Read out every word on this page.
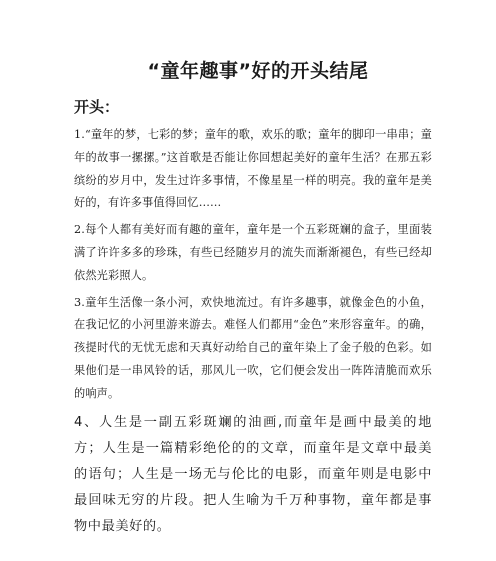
“童年趣事”好的开头结尾
开头：

1.“童年的梦，七彩的梦；童年的歌，欢乐的歌；童年的脚印一串串；童年的故事一摞摞。”这首歌是否能让你回想起美好的童年生活？在那五彩缤纷的岁月中，发生过许多事情，不像星星一样的明亮。我的童年是美好的，有许多事值得回忆……

2.每个人都有美好而有趣的童年，童年是一个五彩斑斓的盒子，里面装满了许许多多的珍珠，有些已经随岁月的流失而渐渐褪色，有些已经却依然光彩照人。

3.童年生活像一条小河，欢快地流过。有许多趣事，就像金色的小鱼，在我记忆的小河里游来游去。难怪人们都用“金色”来形容童年。的确，孩提时代的无忧无虑和天真好动给自己的童年染上了金子般的色彩。如果他们是一串风铃的话，那风儿一吹，它们便会发出一阵阵清脆而欢乐的响声。

4、人生是一副五彩斑斓的油画,而童年是画中最美的地方；人生是一篇精彩绝伦的的文章，而童年是文章中最美的语句；人生是一场无与伦比的电影，而童年则是电影中最回味无穷的片段。把人生喻为千万种事物，童年都是事物中最美好的。
